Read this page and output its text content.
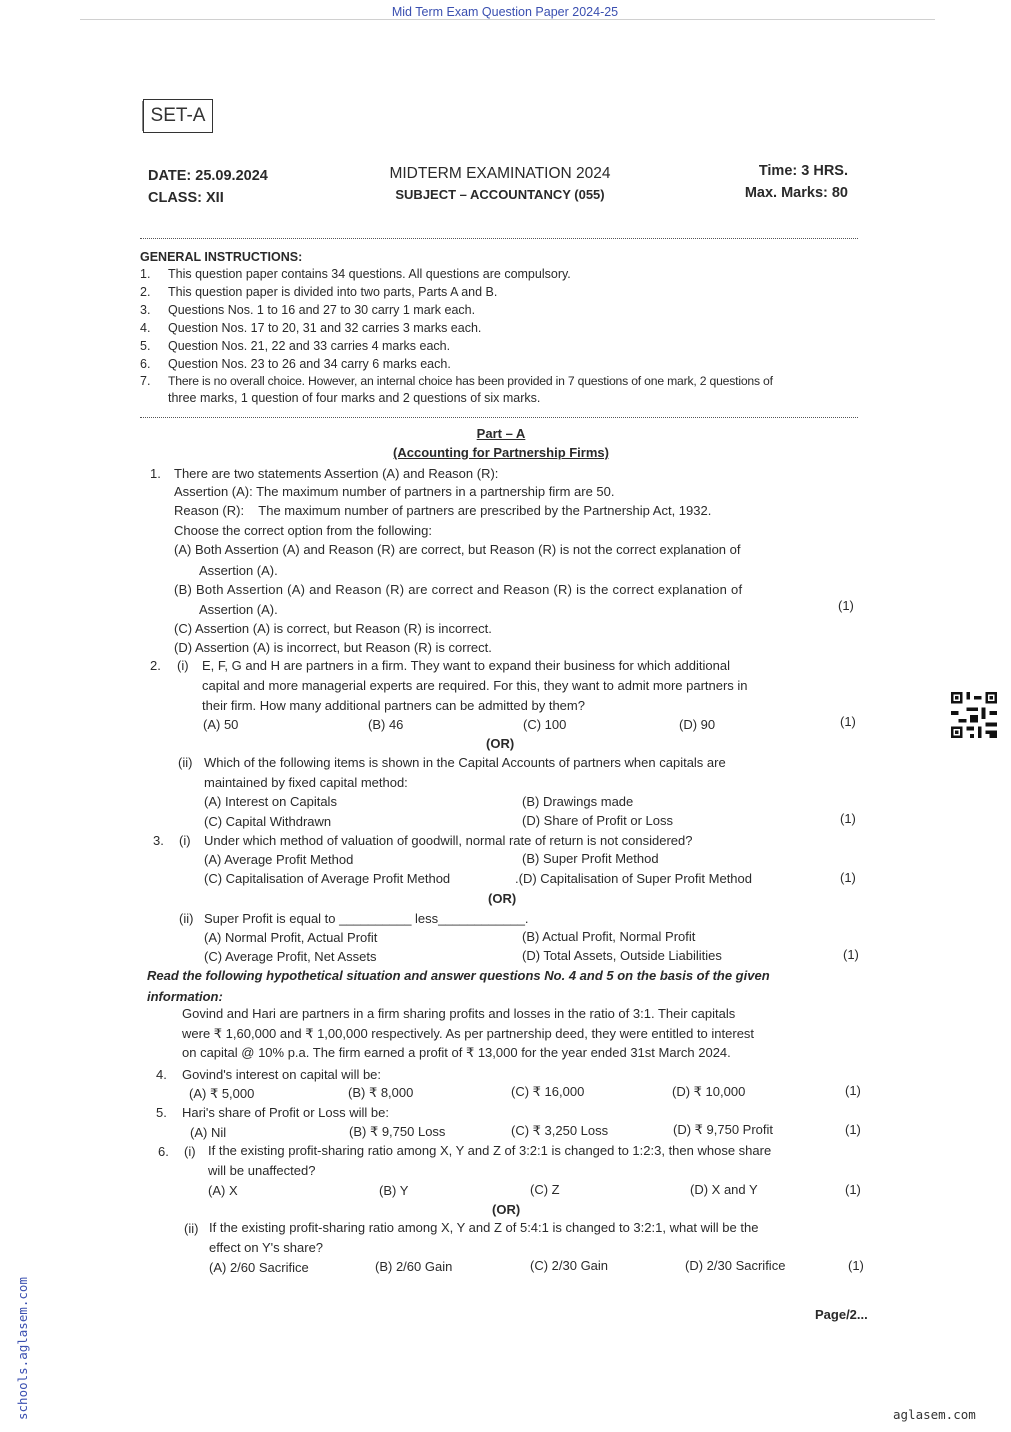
Mid Term Exam Question Paper 2024-25
SET-A
DATE: 25.09.2024
CLASS: XII
MIDTERM EXAMINATION 2024
SUBJECT – ACCOUNTANCY (055)
Time: 3 HRS.
Max. Marks: 80
GENERAL INSTRUCTIONS:
1. This question paper contains 34 questions. All questions are compulsory.
2. This question paper is divided into two parts, Parts A and B.
3. Questions Nos. 1 to 16 and 27 to 30 carry 1 mark each.
4. Question Nos. 17 to 20, 31 and 32 carries 3 marks each.
5. Question Nos. 21, 22 and 33 carries 4 marks each.
6. Question Nos. 23 to 26 and 34 carry 6 marks each.
7. There is no overall choice. However, an internal choice has been provided in 7 questions of one mark, 2 questions of
three marks, 1 question of four marks and 2 questions of six marks.
Part – A
(Accounting for Partnership Firms)
1. There are two statements Assertion (A) and Reason (R):
Assertion (A): The maximum number of partners in a partnership firm are 50.
Reason (R):    The maximum number of partners are prescribed by the Partnership Act, 1932.
Choose the correct option from the following:
(A) Both Assertion (A) and Reason (R) are correct, but Reason (R) is not the correct explanation of
Assertion (A).
(B) Both Assertion (A) and Reason (R) are correct and Reason (R) is the correct explanation of
Assertion (A).	(1)
(C) Assertion (A) is correct, but Reason (R) is incorrect.
(D) Assertion (A) is incorrect, but Reason (R) is correct.
2. (i) E, F, G and H are partners in a firm. They want to expand their business for which additional
capital and more managerial experts are required. For this, they want to admit more partners in
their firm. How many additional partners can be admitted by them?
(A) 50	(B) 46	(C) 100	(D) 90	(1)
(OR)
(ii) Which of the following items is shown in the Capital Accounts of partners when capitals are
maintained by fixed capital method:
(A) Interest on Capitals	(B) Drawings made
(C) Capital Withdrawn	(D) Share of Profit or Loss	(1)
3. (i) Under which method of valuation of goodwill, normal rate of return is not considered?
(A) Average Profit Method	(B) Super Profit Method
(C) Capitalisation of Average Profit Method	.(D) Capitalisation of Super Profit Method	(1)
(OR)
(ii) Super Profit is equal to __________ less____________.
(A) Normal Profit, Actual Profit	(B) Actual Profit, Normal Profit
(C) Average Profit, Net Assets	(D) Total Assets, Outside Liabilities	(1)
Read the following hypothetical situation and answer questions No. 4 and 5 on the basis of the given
information:
Govind and Hari are partners in a firm sharing profits and losses in the ratio of 3:1. Their capitals
were ₹ 1,60,000 and ₹ 1,00,000 respectively. As per partnership deed, they were entitled to interest
on capital @ 10% p.a. The firm earned a profit of ₹ 13,000 for the year ended 31st March 2024.
4. Govind's interest on capital will be:
(A) ₹ 5,000	(B) ₹ 8,000	(C) ₹ 16,000	(D) ₹ 10,000	(1)
5. Hari's share of Profit or Loss will be:
(A) Nil	(B) ₹ 9,750 Loss	(C) ₹ 3,250 Loss	(D) ₹ 9,750 Profit	(1)
6. (i) If the existing profit-sharing ratio among X, Y and Z of 3:2:1 is changed to 1:2:3, then whose share
will be unaffected?
(A) X	(B) Y	(C) Z	(D) X and Y	(1)
(OR)
(ii) If the existing profit-sharing ratio among X, Y and Z of 5:4:1 is changed to 3:2:1, what will be the
effect on Y's share?
(A) 2/60 Sacrifice	(B) 2/60 Gain	(C) 2/30 Gain	(D) 2/30 Sacrifice	(1)
Page/2...
schools.aglasem.com	aglasem.com
